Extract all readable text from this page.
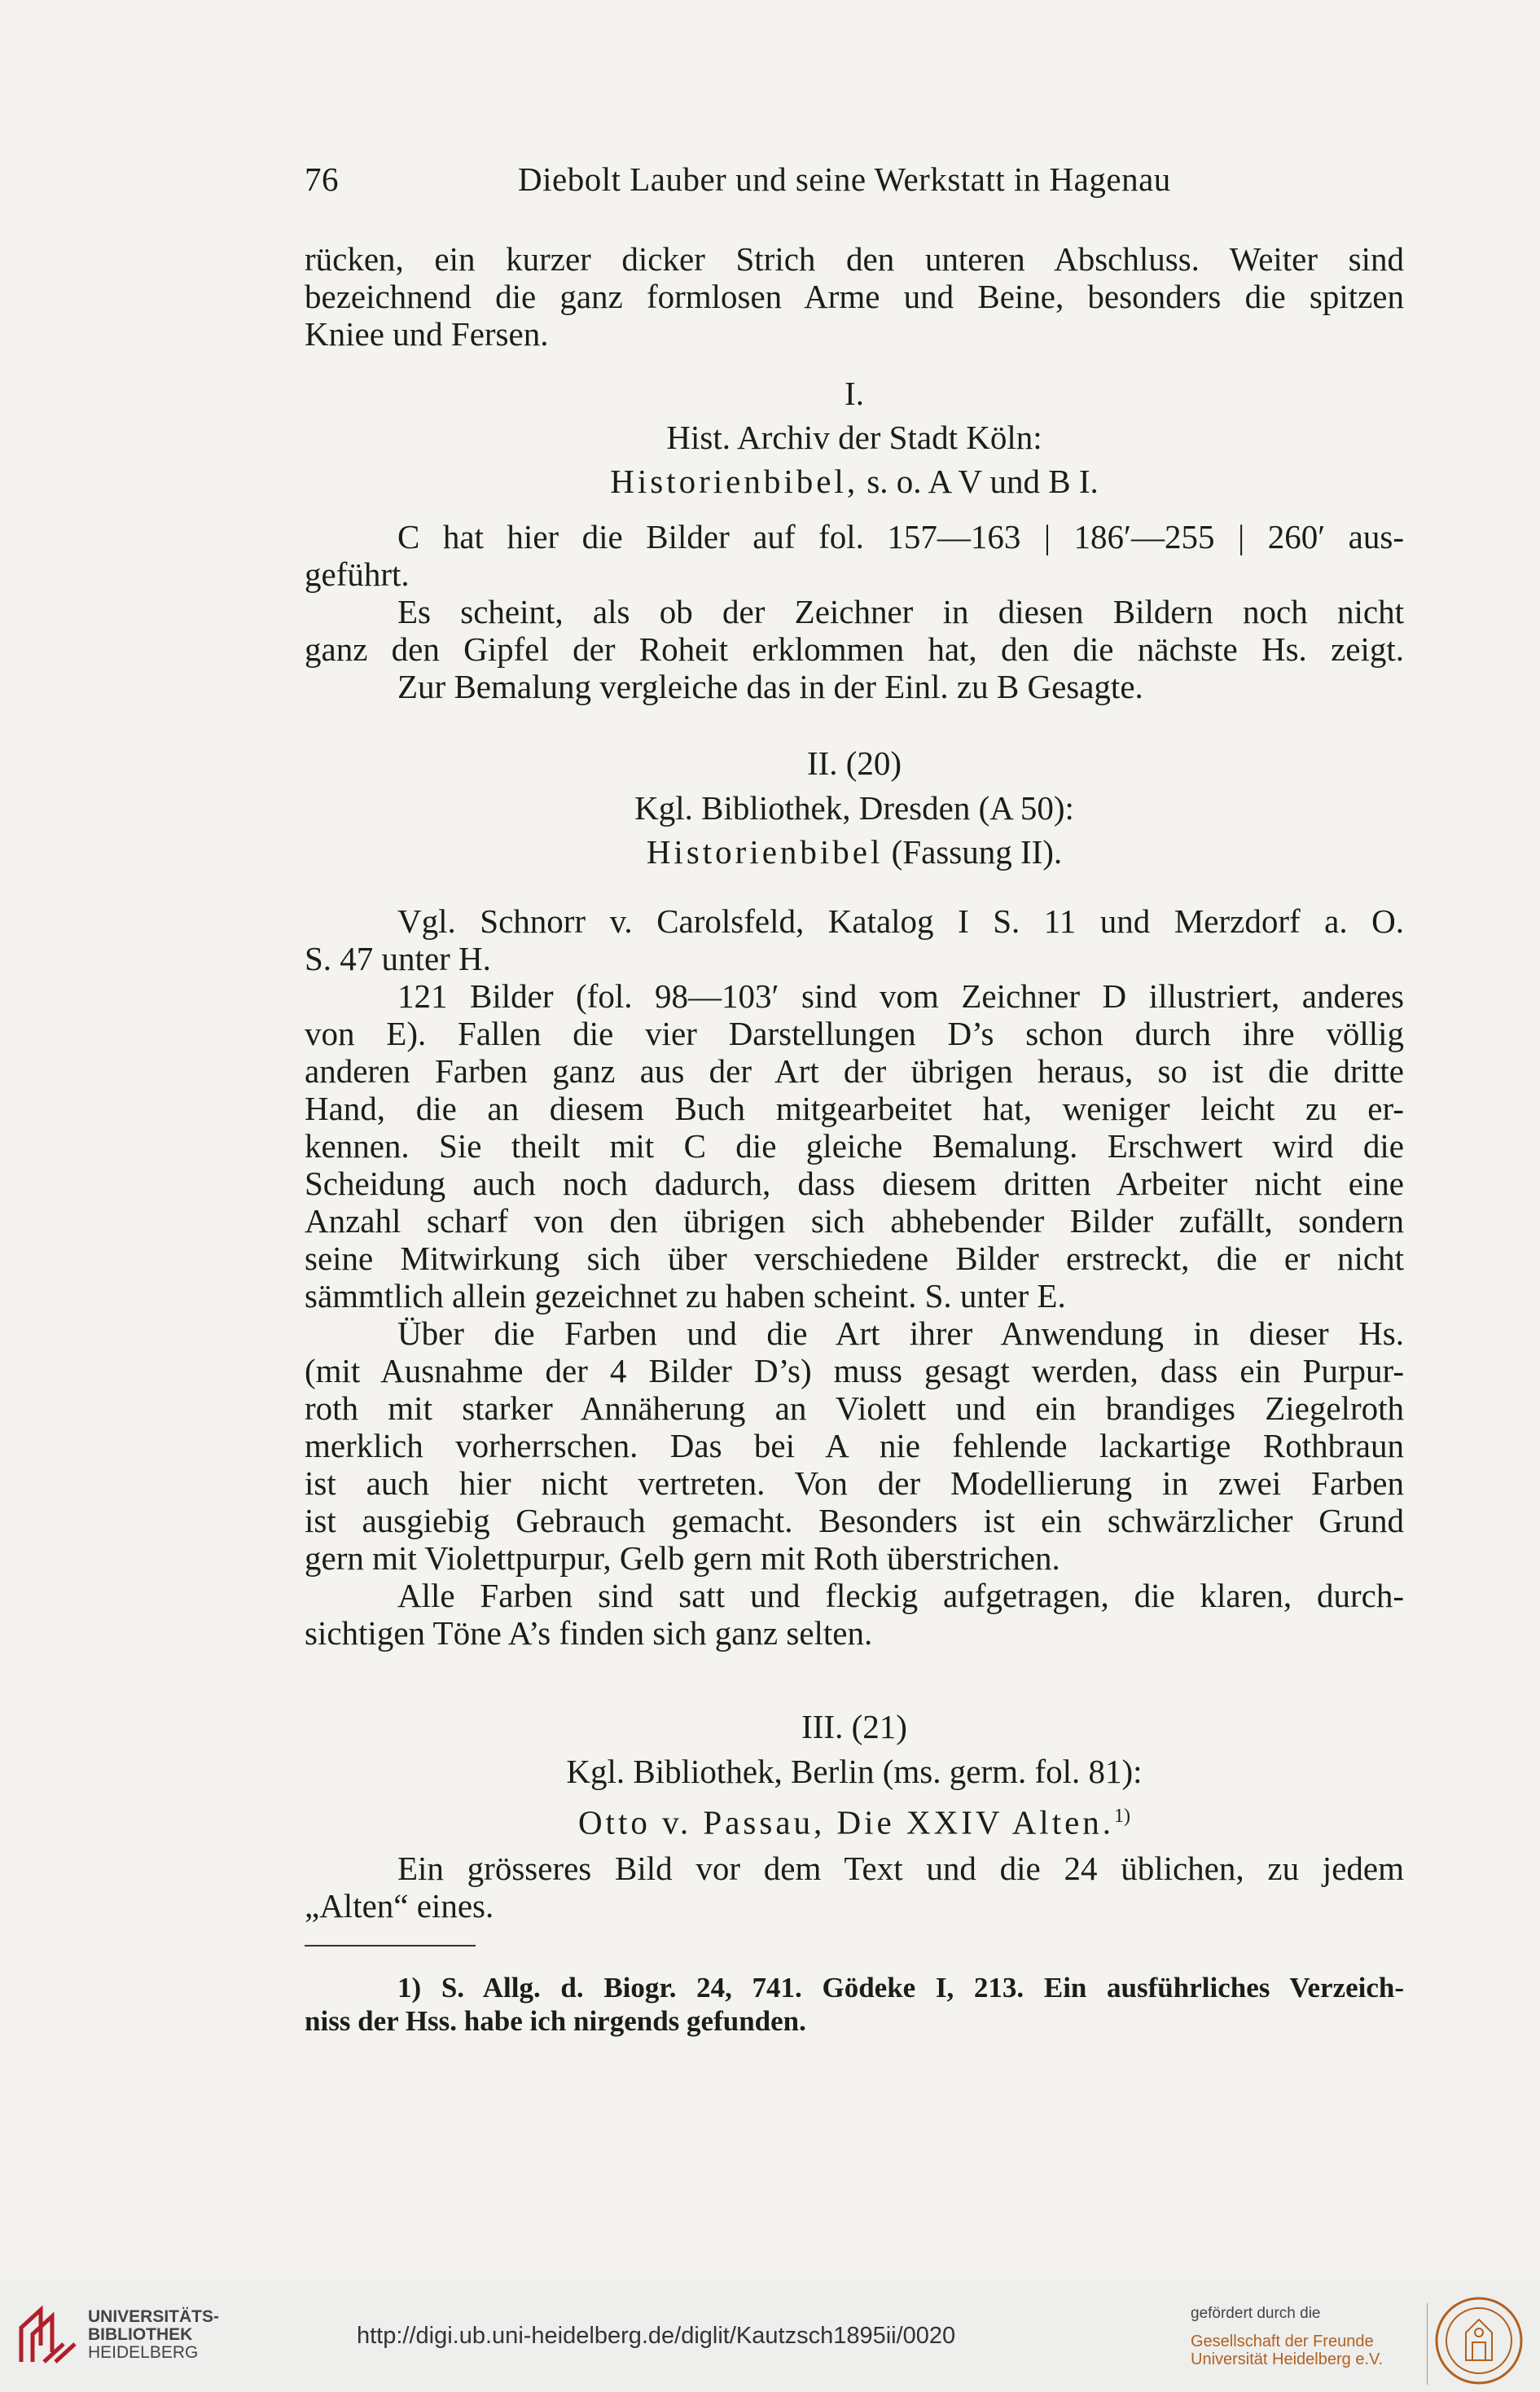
76	Diebolt Lauber und seine Werkstatt in Hagenau
rücken, ein kurzer dicker Strich den unteren Abschluss. Weiter sind
bezeichnend die ganz formlosen Arme und Beine, besonders die spitzen
Kniee und Fersen.
I.
Hist. Archiv der Stadt Köln:
Historienbibel, s. o. A V und B I.
C hat hier die Bilder auf fol. 157—163 | 186′—255 | 260′ aus-
geführt.
Es scheint, als ob der Zeichner in diesen Bildern noch nicht
ganz den Gipfel der Roheit erklommen hat, den die nächste Hs. zeigt.
Zur Bemalung vergleiche das in der Einl. zu B Gesagte.
II. (20)
Kgl. Bibliothek, Dresden (A 50):
Historienbibel (Fassung II).
Vgl. Schnorr v. Carolsfeld, Katalog I S. 11 und Merzdorf a. O.
S. 47 unter H.
121 Bilder (fol. 98—103′ sind vom Zeichner D illustriert, anderes
von E). Fallen die vier Darstellungen D’s schon durch ihre völlig
anderen Farben ganz aus der Art der übrigen heraus, so ist die dritte
Hand, die an diesem Buch mitgearbeitet hat, weniger leicht zu er-
kennen. Sie theilt mit C die gleiche Bemalung. Erschwert wird die
Scheidung auch noch dadurch, dass diesem dritten Arbeiter nicht eine
Anzahl scharf von den übrigen sich abhebender Bilder zufällt, sondern
seine Mitwirkung sich über verschiedene Bilder erstreckt, die er nicht
sämmtlich allein gezeichnet zu haben scheint. S. unter E.
Über die Farben und die Art ihrer Anwendung in dieser Hs.
(mit Ausnahme der 4 Bilder D’s) muss gesagt werden, dass ein Purpur-
roth mit starker Annäherung an Violett und ein brandiges Ziegelroth
merklich vorherrschen. Das bei A nie fehlende lackartige Rothbraun
ist auch hier nicht vertreten. Von der Modellierung in zwei Farben
ist ausgiebig Gebrauch gemacht. Besonders ist ein schwärzlicher Grund
gern mit Violettpurpur, Gelb gern mit Roth überstrichen.
Alle Farben sind satt und fleckig aufgetragen, die klaren, durch-
sichtigen Töne A’s finden sich ganz selten.
III. (21)
Kgl. Bibliothek, Berlin (ms. germ. fol. 81):
Otto v. Passau, Die XXIV Alten.$^{1)}$
Ein grösseres Bild vor dem Text und die 24 üblichen, zu jedem
„Alten“ eines.
1) S. Allg. d. Biogr. 24, 741. Gödeke I, 213. Ein ausführliches Verzeich-
niss der Hss. habe ich nirgends gefunden.
UNIVERSITÄTS-
BIBLIOTHEK
HEIDELBERG
http://digi.ub.uni-heidelberg.de/diglit/Kautzsch1895ii/0020
gefördert durch die
Gesellschaft der Freunde
Universität Heidelberg e.V.
